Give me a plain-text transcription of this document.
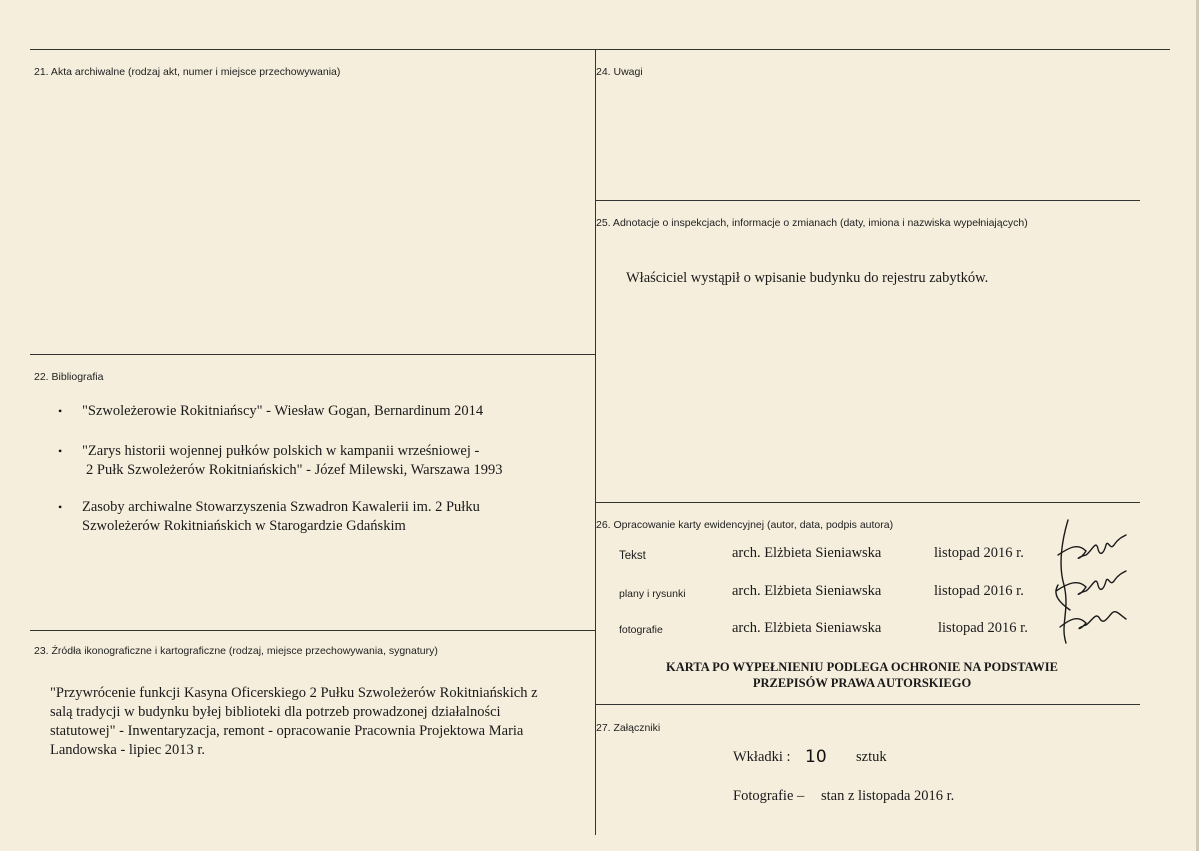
21. Akta archiwalne (rodzaj akt, numer i miejsce przechowywania)
22. Bibliografia
• "Szwoleżerowie Rokitniańscy" - Wiesław Gogan, Bernardinum 2014
• "Zarys historii wojennej pułków polskich w kampanii wrześniowej -
2 Pułk Szwoleżerów Rokitniańskich" - Józef Milewski, Warszawa 1993
• Zasoby archiwalne Stowarzyszenia Szwadron Kawalerii im. 2 Pułku
Szwoleżerów Rokitniańskich w Starogardzie Gdańskim
23. Źródła ikonograficzne i kartograficzne (rodzaj, miejsce przechowywania, sygnatury)
"Przywrócenie funkcji Kasyna Oficerskiego 2 Pułku Szwoleżerów Rokitniańskich z
salą tradycji w budynku byłej biblioteki dla potrzeb prowadzonej działalności
statutowej" - Inwentaryzacja, remont - opracowanie Pracownia Projektowa Maria
Landowska - lipiec 2013 r.
24. Uwagi
25. Adnotacje o inspekcjach, informacje o zmianach (daty, imiona i nazwiska wypełniających)
Właściciel wystąpił o wpisanie budynku do rejestru zabytków.
26. Opracowanie karty ewidencyjnej (autor, data, podpis autora)
Tekst	arch. Elżbieta Sieniawska	listopad 2016 r.
plany i rysunki	arch. Elżbieta Sieniawska	listopad 2016 r.
fotografie	arch. Elżbieta Sieniawska	listopad 2016 r.
KARTA PO WYPEŁNIENIU PODLEGA OCHRONIE NA PODSTAWIE
PRZEPISÓW PRAWA AUTORSKIEGO
27. Załączniki
Wkładki : 10 sztuk
Fotografie – stan z listopada 2016 r.
